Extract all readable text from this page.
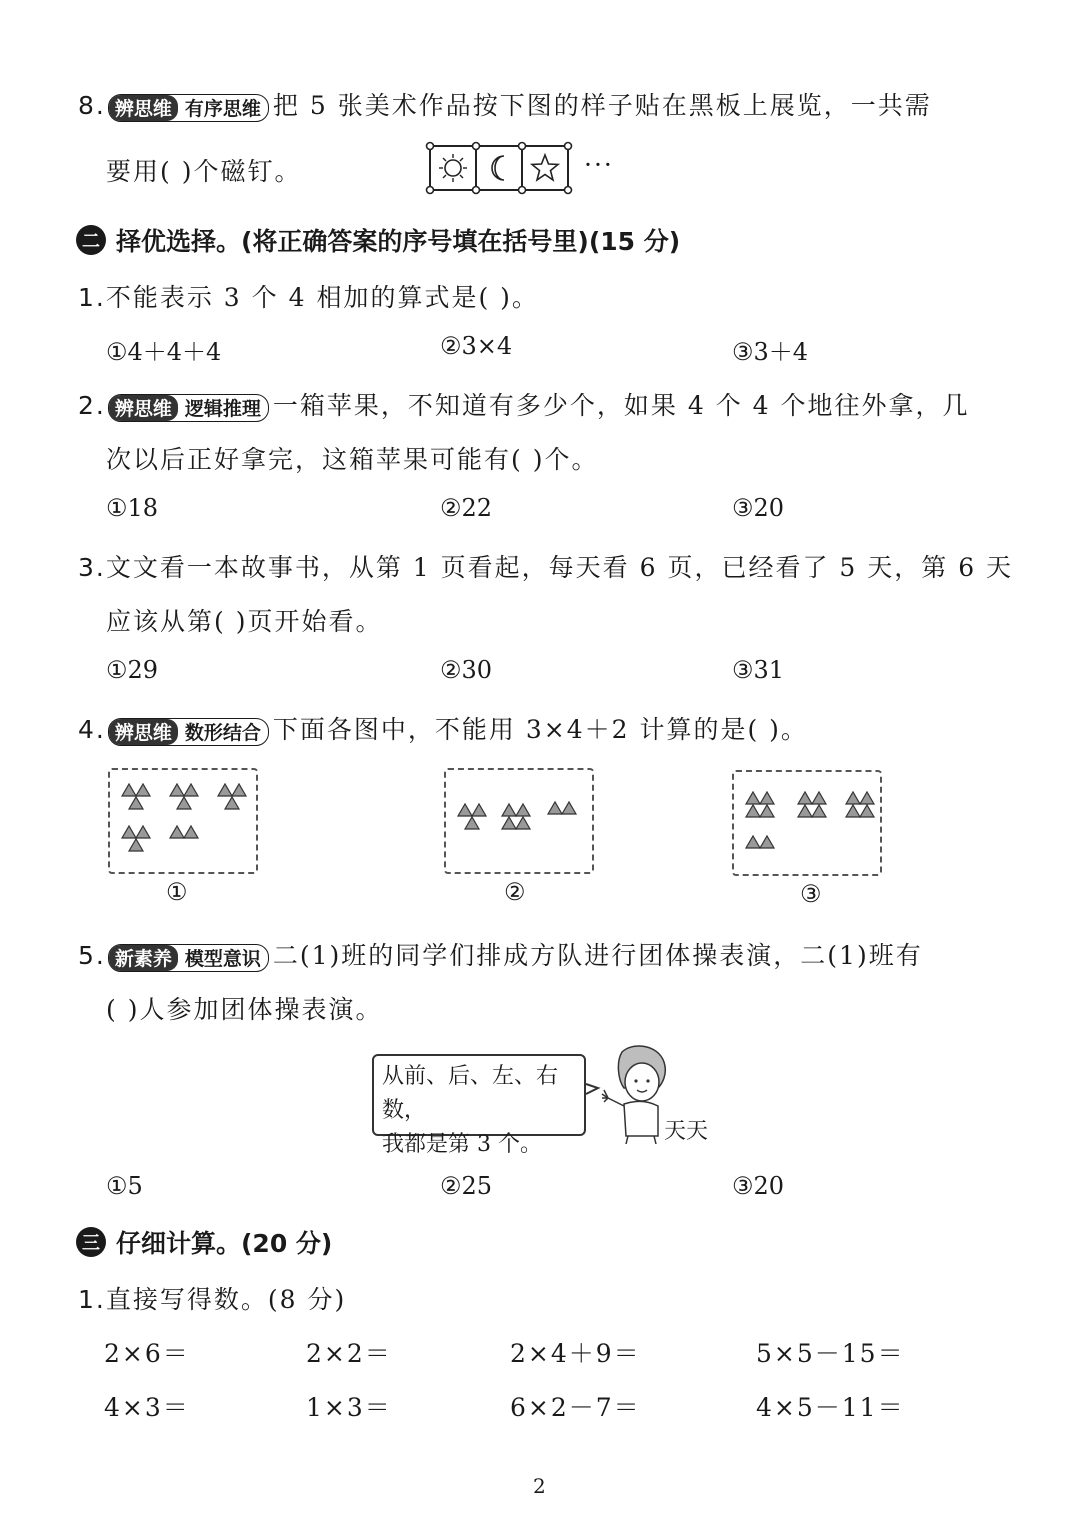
8. 辨思维 有序思维 把 5 张美术作品按下图的样子贴在黑板上展览，一共需
要用( )个磁钉。	···
二 择优选择。(将正确答案的序号填在括号里)(15 分)
1.不能表示 3 个 4 相加的算式是( )。
①4＋4＋4	②3×4	③3＋4
2. 辨思维 逻辑推理 一箱苹果，不知道有多少个，如果 4 个 4 个地往外拿，几
次以后正好拿完，这箱苹果可能有( )个。
①18	②22	③20
3.文文看一本故事书，从第 1 页看起，每天看 6 页，已经看了 5 天，第 6 天
应该从第( )页开始看。
①29	②30	③31
4. 辨思维 数形结合 下面各图中，不能用 3×4＋2 计算的是( )。
①	②	③
5. 新素养 模型意识 二(1)班的同学们排成方队进行团体操表演，二(1)班有
( )人参加团体操表演。
从前、后、左、右数，
我都是第 3 个。
天天
①5	②25	③20
三 仔细计算。(20 分)
1.直接写得数。(8 分)
2×6＝	2×2＝	2×4＋9＝	5×5－15＝
4×3＝	1×3＝	6×2－7＝	4×5－11＝
2
